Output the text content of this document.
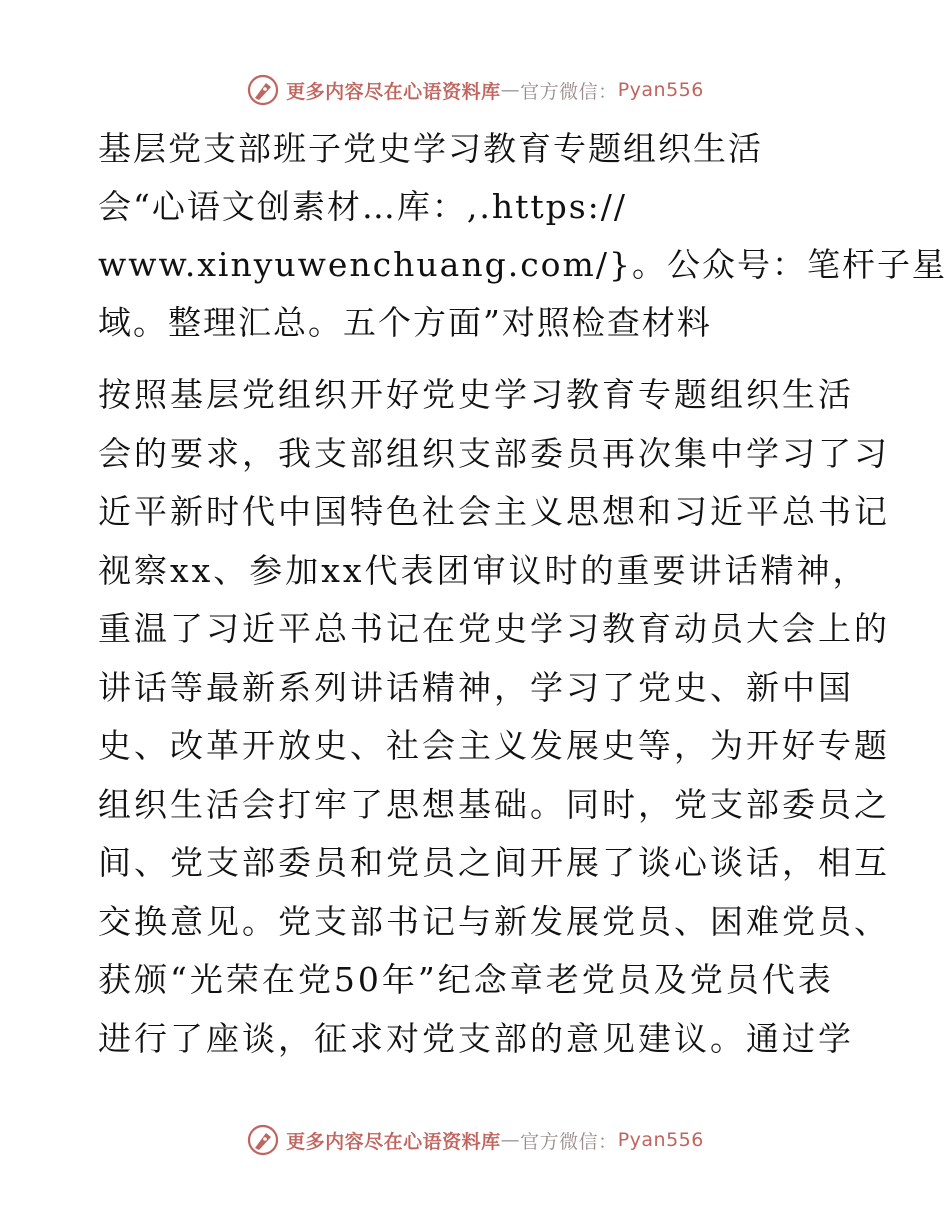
更多内容尽在心语资料库 — 官方微信： Pyan556
基层党支部班子党史学习教育专题组织生活
会“心语文创素材…库：,.https://
www.xinyuwenchuang.com/}。公众号：笔杆子星
域。整理汇总。五个方面”对照检查材料

按照基层党组织开好党史学习教育专题组织生活
会的要求，我支部组织支部委员再次集中学习了习
近平新时代中国特色社会主义思想和习近平总书记
视察xx、参加xx代表团审议时的重要讲话精神，
重温了习近平总书记在党史学习教育动员大会上的
讲话等最新系列讲话精神，学习了党史、新中国
史、改革开放史、社会主义发展史等，为开好专题
组织生活会打牢了思想基础。同时，党支部委员之
间、党支部委员和党员之间开展了谈心谈话，相互
交换意见。党支部书记与新发展党员、困难党员、
获颁“光荣在党50年”纪念章老党员及党员代表
进行了座谈，征求对党支部的意见建议。通过学

更多内容尽在心语资料库 — 官方微信： Pyan556
